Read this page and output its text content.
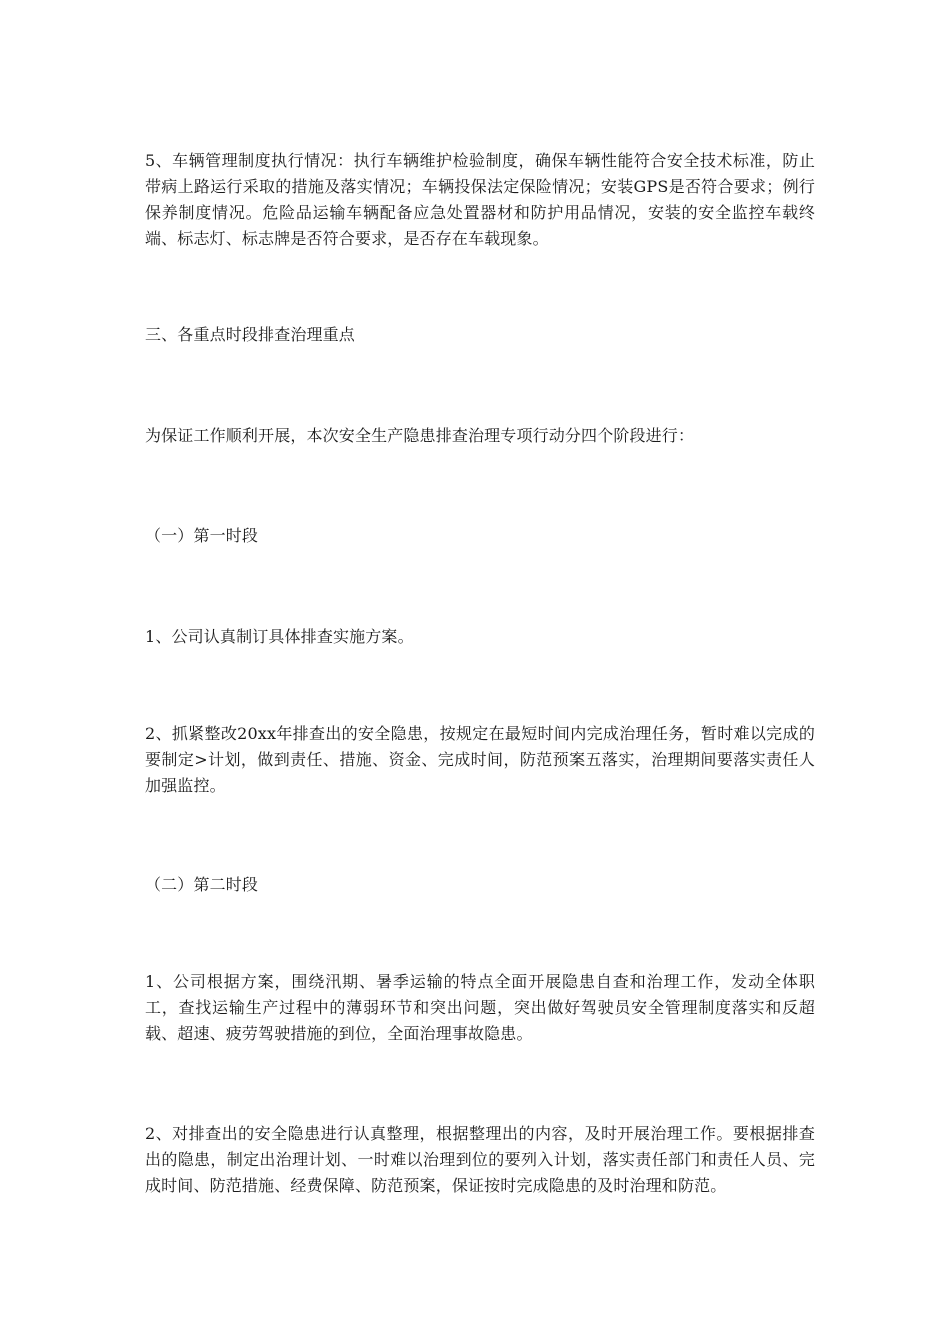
5、车辆管理制度执行情况：执行车辆维护检验制度，确保车辆性能符合安全技术标准，防止带病上路运行采取的措施及落实情况；车辆投保法定保险情况；安装GPS是否符合要求；例行保养制度情况。危险品运输车辆配备应急处置器材和防护用品情况，安装的安全监控车载终端、标志灯、标志牌是否符合要求，是否存在车载现象。

三、各重点时段排查治理重点

为保证工作顺利开展，本次安全生产隐患排查治理专项行动分四个阶段进行：

（一）第一时段

1、公司认真制订具体排查实施方案。

2、抓紧整改20xx年排查出的安全隐患，按规定在最短时间内完成治理任务，暂时难以完成的要制定>计划，做到责任、措施、资金、完成时间，防范预案五落实，治理期间要落实责任人加强监控。

（二）第二时段

1、公司根据方案，围绕汛期、暑季运输的特点全面开展隐患自查和治理工作，发动全体职工，查找运输生产过程中的薄弱环节和突出问题，突出做好驾驶员安全管理制度落实和反超载、超速、疲劳驾驶措施的到位，全面治理事故隐患。

2、对排查出的安全隐患进行认真整理，根据整理出的内容，及时开展治理工作。要根据排查出的隐患，制定出治理计划、一时难以治理到位的要列入计划，落实责任部门和责任人员、完成时间、防范措施、经费保障、防范预案，保证按时完成隐患的及时治理和防范。
